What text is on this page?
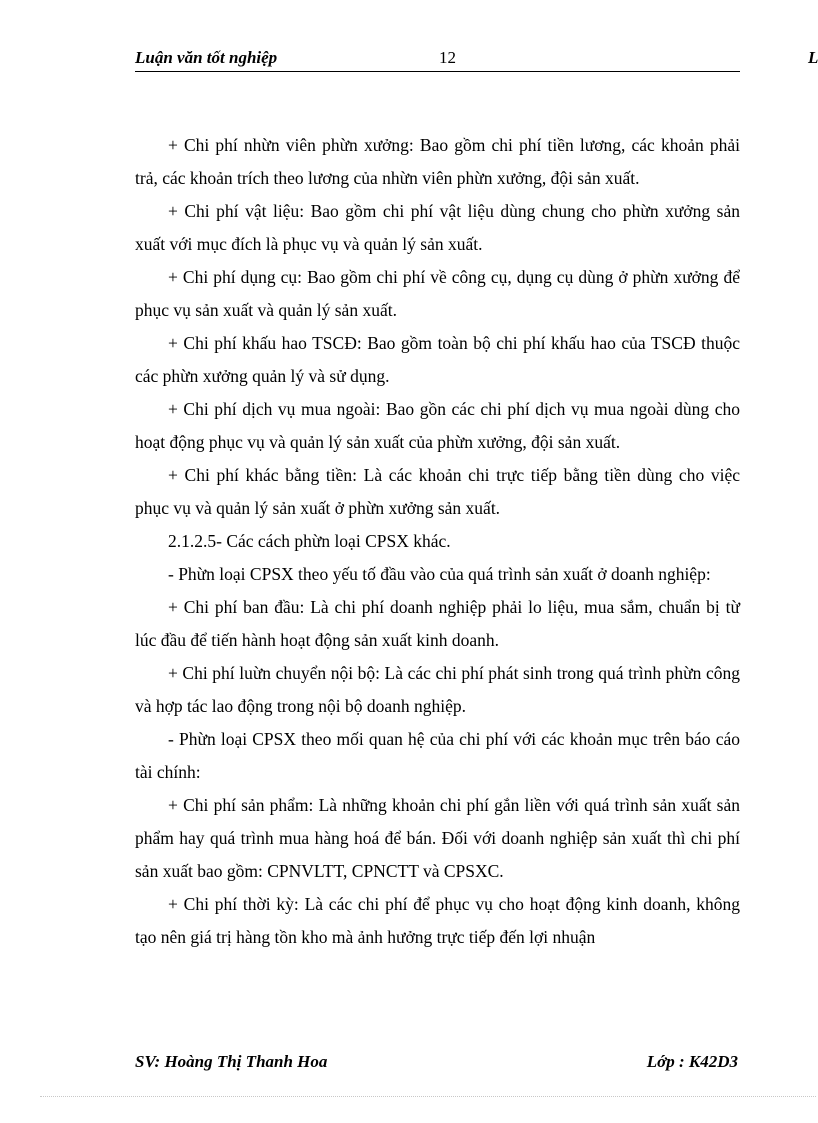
Luận văn tốt nghiệp	12	L

+ Chi phí nhừn viên phừn xưởng: Bao gồm chi phí tiền lương, các khoản phải trả, các khoản trích theo lương của nhừn viên phừn xưởng, đội sản xuất.

+ Chi phí vật liệu: Bao gồm chi phí vật liệu dùng chung cho phừn xưởng sản xuất với mục đích là phục vụ và quản lý sản xuất.

+ Chi phí dụng cụ: Bao gồm chi phí về công cụ, dụng cụ dùng ở phừn xưởng để phục vụ sản xuất và quản lý sản xuất.

+ Chi phí khấu hao TSCĐ: Bao gồm toàn bộ chi phí khấu hao của TSCĐ thuộc các phừn xưởng quản lý và sử dụng.

+ Chi phí dịch vụ mua ngoài: Bao gồn các chi phí dịch vụ mua ngoài dùng cho hoạt động phục vụ và quản lý sản xuất của phừn xưởng, đội sản xuất.

+ Chi phí khác bằng tiền: Là các khoản chi trực tiếp bằng tiền dùng cho việc phục vụ và quản lý sản xuất ở phừn xưởng sản xuất.

2.1.2.5- Các cách phừn loại CPSX khác.

- Phừn loại CPSX theo yếu tố đầu vào của quá trình sản xuất ở doanh nghiệp:

+ Chi phí ban đầu: Là chi phí doanh nghiệp phải lo liệu, mua sắm, chuẩn bị từ lúc đầu để tiến hành hoạt động sản xuất kinh doanh.

+ Chi phí luừn chuyển nội bộ: Là các chi phí phát sinh trong quá trình phừn công và hợp tác lao động trong nội bộ doanh nghiệp.

- Phừn loại CPSX theo mối quan hệ của chi phí với các khoản mục trên báo cáo tài chính:

+ Chi phí sản phẩm: Là những khoản chi phí gắn liền với quá trình sản xuất sản phẩm hay quá trình mua hàng hoá để bán. Đối với doanh nghiệp sản xuất thì chi phí sản xuất bao gồm: CPNVLTT, CPNCTT và CPSXC.

+ Chi phí thời kỳ: Là các chi phí để phục vụ cho hoạt động kinh doanh, không tạo nên giá trị hàng tồn kho mà ảnh hưởng trực tiếp đến lợi nhuận

SV: Hoàng Thị Thanh Hoa	Lớp : K42D3
